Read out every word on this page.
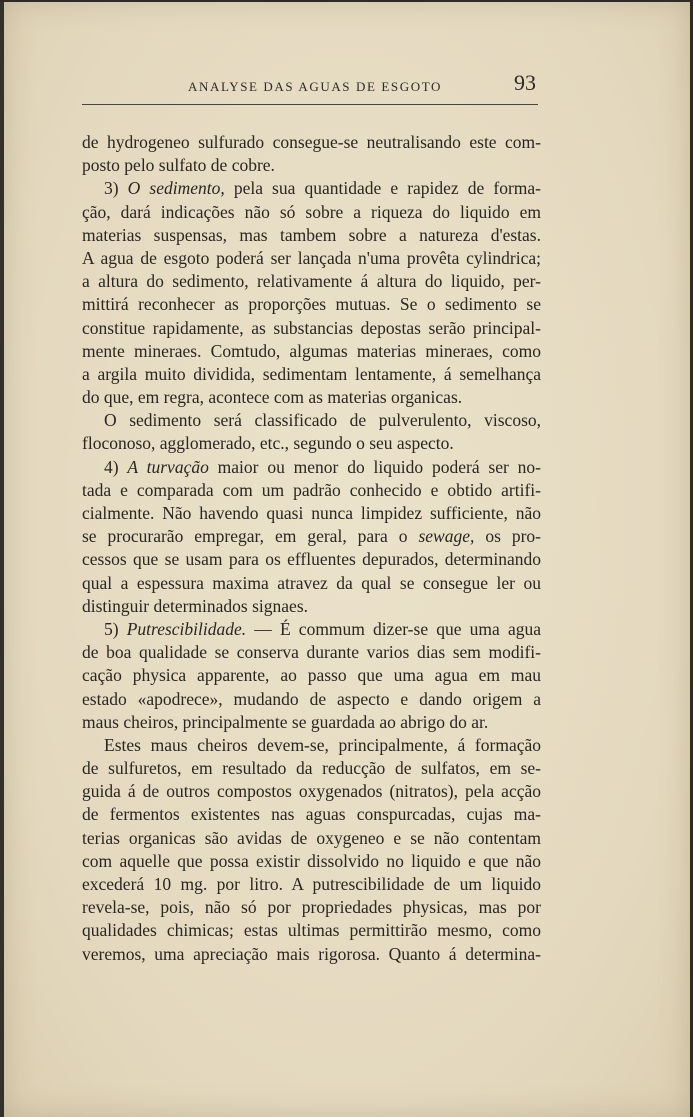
ANALYSE DAS AGUAS DE ESGOTO	93
de hydrogeneo sulfurado consegue-se neutralisando este com-
posto pelo sulfato de cobre.
3) O sedimento, pela sua quantidade e rapidez de forma-
ção, dará indicações não só sobre a riqueza do liquido em
materias suspensas, mas tambem sobre a natureza d'estas.
A agua de esgoto poderá ser lançada n'uma provêta cylindrica;
a altura do sedimento, relativamente á altura do liquido, per-
mittirá reconhecer as proporções mutuas. Se o sedimento se
constitue rapidamente, as substancias depostas serão principal-
mente mineraes. Comtudo, algumas materias mineraes, como
a argila muito dividida, sedimentam lentamente, á semelhança
do que, em regra, acontece com as materias organicas.
O sedimento será classificado de pulverulento, viscoso,
floconoso, agglomerado, etc., segundo o seu aspecto.
4) A turvação maior ou menor do liquido poderá ser no-
tada e comparada com um padrão conhecido e obtido artifi-
cialmente. Não havendo quasi nunca limpidez sufficiente, não
se procurarão empregar, em geral, para o sewage, os pro-
cessos que se usam para os effluentes depurados, determinando
qual a espessura maxima atravez da qual se consegue ler ou
distinguir determinados signaes.
5) Putrescibilidade. — É commum dizer-se que uma agua
de boa qualidade se conserva durante varios dias sem modifi-
cação physica apparente, ao passo que uma agua em mau
estado «apodrece», mudando de aspecto e dando origem a
maus cheiros, principalmente se guardada ao abrigo do ar.
Estes maus cheiros devem-se, principalmente, á formação
de sulfuretos, em resultado da reducção de sulfatos, em se-
guida á de outros compostos oxygenados (nitratos), pela acção
de fermentos existentes nas aguas conspurcadas, cujas ma-
terias organicas são avidas de oxygeneo e se não contentam
com aquelle que possa existir dissolvido no liquido e que não
excederá 10 mg. por litro. A putrescibilidade de um liquido
revela-se, pois, não só por propriedades physicas, mas por
qualidades chimicas; estas ultimas permittirão mesmo, como
veremos, uma apreciação mais rigorosa. Quanto á determina-
